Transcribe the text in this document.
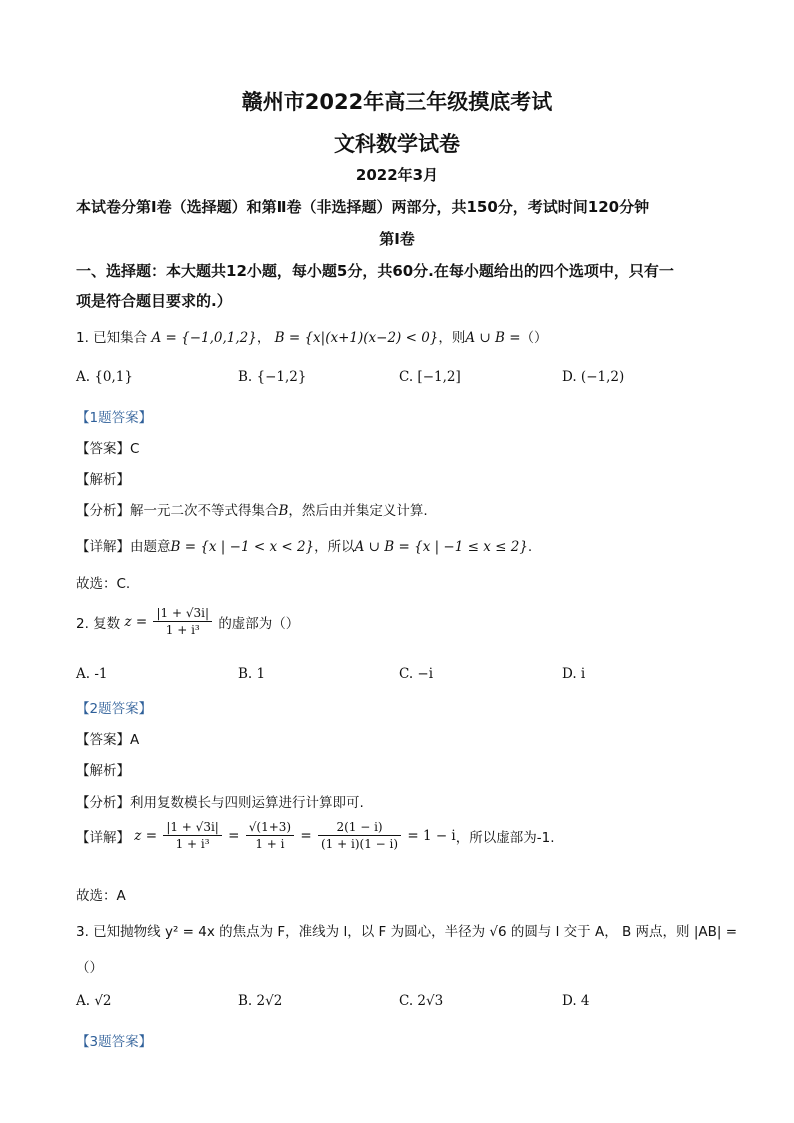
赣州市2022年高三年级摸底考试
文科数学试卷
2022年3月
本试卷分第Ⅰ卷（选择题）和第Ⅱ卷（非选择题）两部分，共150分，考试时间120分钟
第Ⅰ卷
一、选择题：本大题共12小题，每小题5分，共60分.在每小题给出的四个选项中，只有一
项是符合题目要求的.）
1. 已知集合 A = {−1,0,1,2}， B = {x|(x+1)(x−2) < 0}，则A ∪ B =（）
A. {0,1}	B. {−1,2}	C. [−1,2]	D. (−1,2)
【1题答案】
【答案】C
【解析】
【分析】解一元二次不等式得集合B，然后由并集定义计算.
【详解】由题意B = {x | −1 < x < 2}，所以A ∪ B = {x | −1 ≤ x ≤ 2}.
故选：C.
2. 复数 $z = \frac{|1 + √3i|}{\text{1 + i³}}$ 的虚部为（）
A. -1	B. 1	C. −i	D. i
【2题答案】
【答案】A
【解析】
【分析】利用复数模长与四则运算进行计算即可.
【详解】 $z = \frac{|1 + √3i|}{\text{1 + i³}} = \frac{√(1+3)}{1 + i} = \frac{2(1 - i)}{(1 + i)(1 - i)} = 1 - i$，所以虚部为-1.
故选：A
3. 已知抛物线 y² = 4x 的焦点为 F，准线为 l，以 F 为圆心，半径为 √6 的圆与 l 交于 A， B 两点，则 |AB| =
（）
A. √2	B. 2√2	C. 2√3	D. 4
【3题答案】
